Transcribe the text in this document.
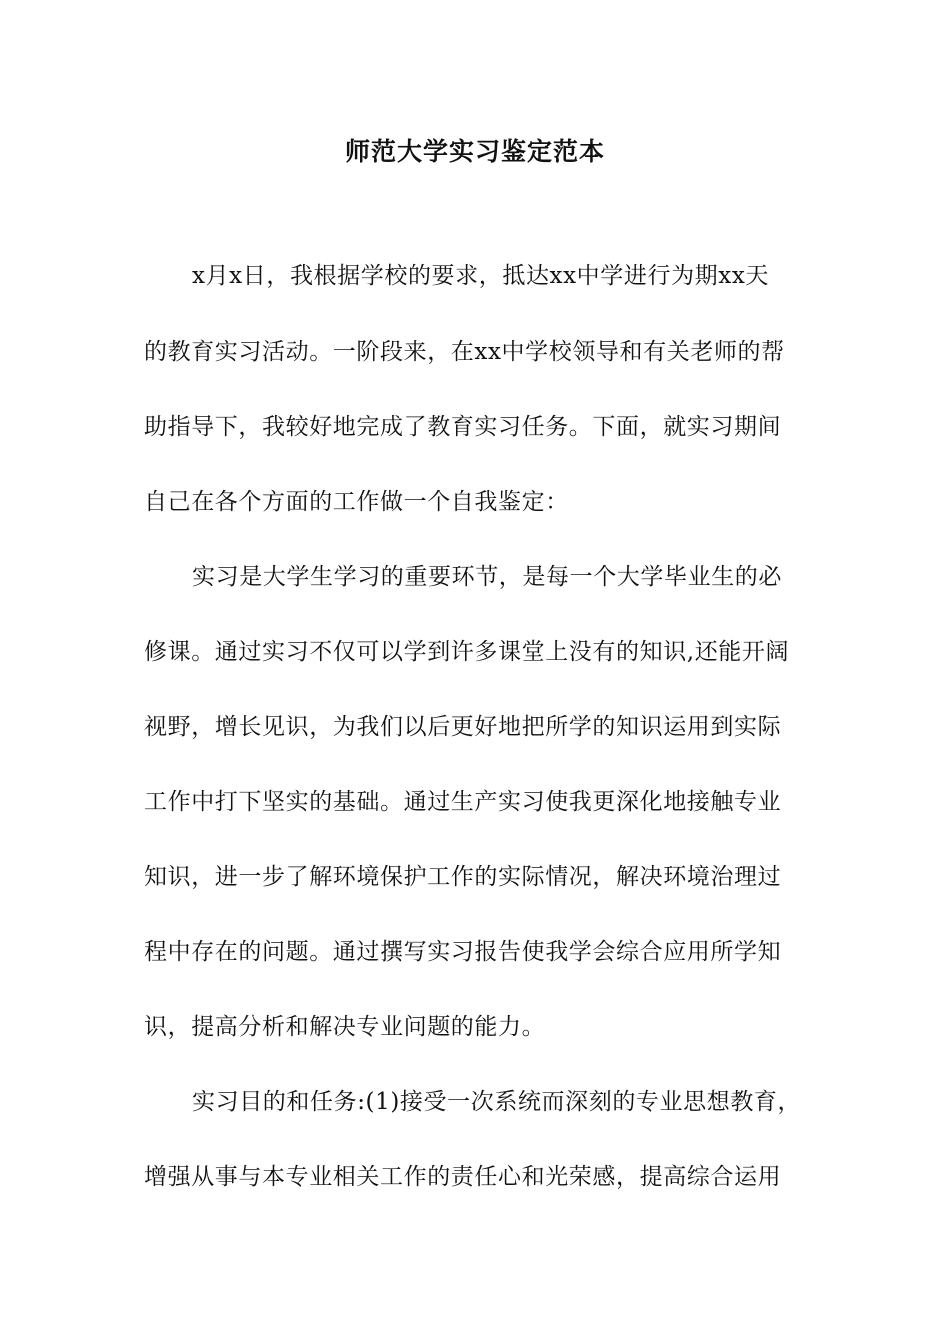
师范大学实习鉴定范本
x月x日，我根据学校的要求，抵达xx中学进行为期xx天
的教育实习活动。一阶段来，在xx中学校领导和有关老师的帮
助指导下，我较好地完成了教育实习任务。下面，就实习期间
自己在各个方面的工作做一个自我鉴定：
实习是大学生学习的重要环节，是每一个大学毕业生的必
修课。通过实习不仅可以学到许多课堂上没有的知识,还能开阔
视野，增长见识，为我们以后更好地把所学的知识运用到实际
工作中打下坚实的基础。通过生产实习使我更深化地接触专业
知识，进一步了解环境保护工作的实际情况，解决环境治理过
程中存在的问题。通过撰写实习报告使我学会综合应用所学知
识，提高分析和解决专业问题的能力。
实习目的和任务:(1)接受一次系统而深刻的专业思想教育，
增强从事与本专业相关工作的责任心和光荣感，提高综合运用
